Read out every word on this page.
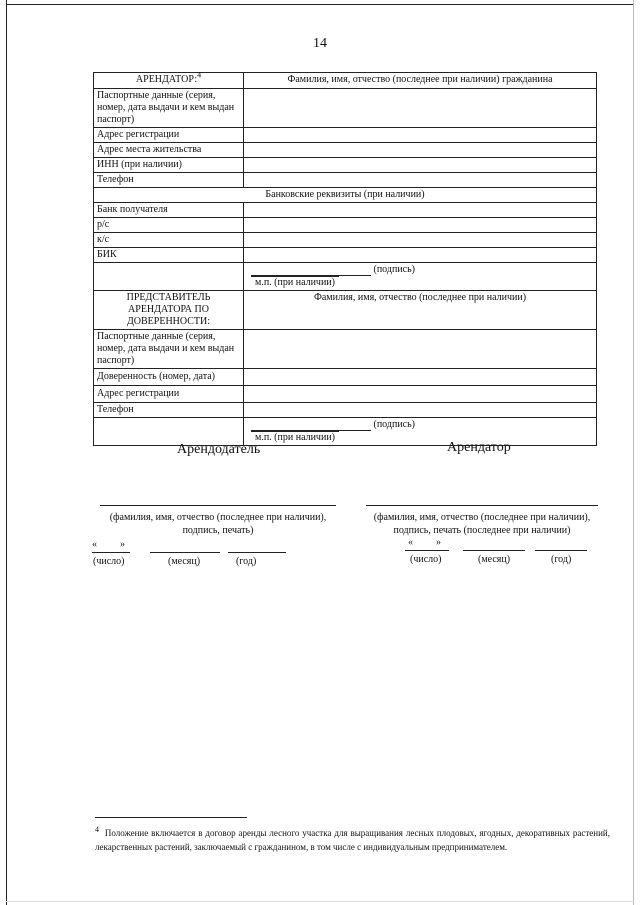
14
АРЕНДАТОР:$^4$	Фамилия, имя, отчество (последнее при наличии) гражданина
Паспортные данные (серия, номер, дата выдачи и кем выдан паспорт)	
Адрес регистрации	
Адрес места жительства	
ИНН (при наличии)	
Телефон	
Банковские реквизиты (при наличии)	
Банк получателя	
р/с	
к/с	
БИК	

	(подпись)
м.п. (при наличии)

ПРЕДСТАВИТЕЛЬ АРЕНДАТОРА ПО ДОВЕРЕННОСТИ:	Фамилия, имя, отчество (последнее при наличии)
Паспортные данные (серия, номер, дата выдачи и кем выдан паспорт)	
Доверенность (номер, дата)	
Адрес регистрации	
Телефон	

	(подпись)
м.п. (при наличии)
Арендодатель
(фамилия, имя, отчество (последнее при наличии), подпись, печать)
« »
(число)	(месяц)	(год)
Арендатор
(фамилия, имя, отчество (последнее при наличии), подпись, печать (последнее при наличии)
« »
(число)	(месяц)	(год)
$^4$ Положение включается в договор аренды лесного участка для выращивания лесных плодовых, ягодных, декоративных растений, лекарственных растений, заключаемый с гражданином, в том числе с индивидуальным предпринимателем.
